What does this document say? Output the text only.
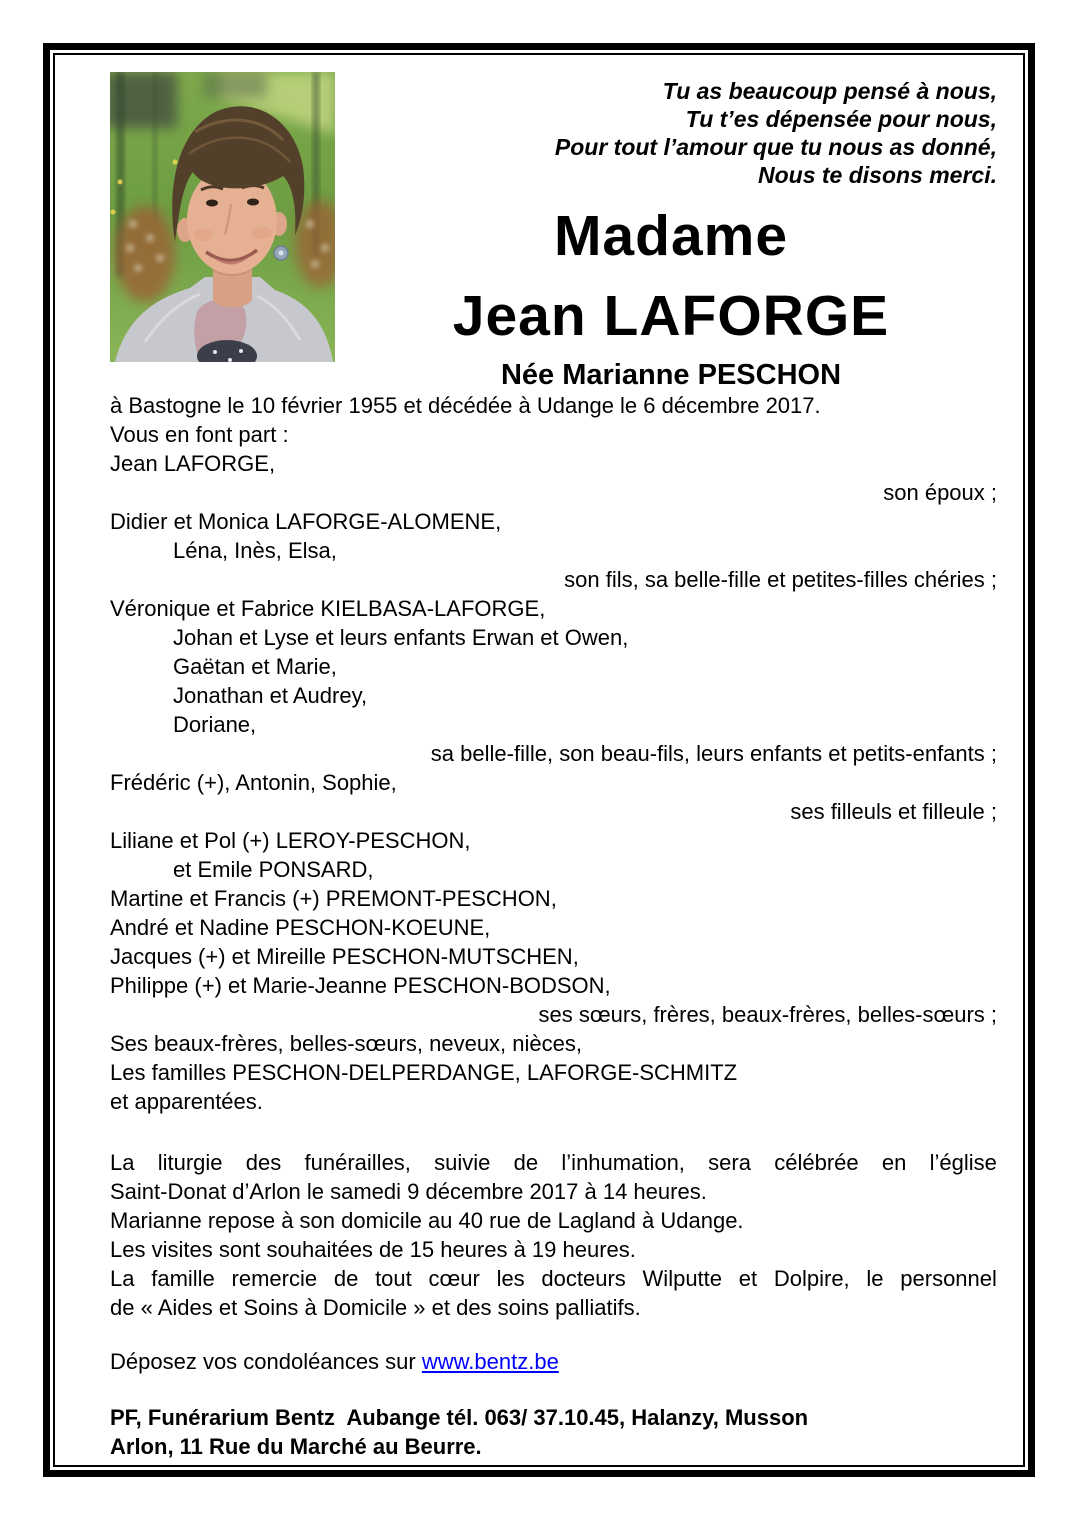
Tu as beaucoup pensé à nous,
Tu t’es dépensée pour nous,
Pour tout l’amour que tu nous as donné,
Nous te disons merci.
Madame
Jean LAFORGE
Née Marianne PESCHON
à Bastogne le 10 février 1955 et décédée à Udange le 6 décembre 2017.
Vous en font part :
Jean LAFORGE,
son époux ;
Didier et Monica LAFORGE-ALOMENE,
Léna, Inès, Elsa,
son fils, sa belle-fille et petites-filles chéries ;
Véronique et Fabrice KIELBASA-LAFORGE,
Johan et Lyse et leurs enfants Erwan et Owen,
Gaëtan et Marie,
Jonathan et Audrey,
Doriane,
sa belle-fille, son beau-fils, leurs enfants et petits-enfants ;
Frédéric (+), Antonin, Sophie,
ses filleuls et filleule ;
Liliane et Pol (+) LEROY-PESCHON,
et Emile PONSARD,
Martine et Francis (+) PREMONT-PESCHON,
André et Nadine PESCHON-KOEUNE,
Jacques (+) et Mireille PESCHON-MUTSCHEN,
Philippe (+) et Marie-Jeanne PESCHON-BODSON,
ses sœurs, frères, beaux-frères, belles-sœurs ;
Ses beaux-frères, belles-sœurs, neveux, nièces,
Les familles PESCHON-DELPERDANGE, LAFORGE-SCHMITZ
et apparentées.
La liturgie des funérailles, suivie de l’inhumation, sera célébrée en l’église
Saint-Donat d’Arlon le samedi 9 décembre 2017 à 14 heures.
Marianne repose à son domicile au 40 rue de Lagland à Udange.
Les visites sont souhaitées de 15 heures à 19 heures.
La famille remercie de tout cœur les docteurs Wilputte et Dolpire, le personnel
de « Aides et Soins à Domicile » et des soins palliatifs.
Déposez vos condoléances sur www.bentz.be
PF, Funérarium Bentz  Aubange tél. 063/ 37.10.45, Halanzy, Musson
Arlon, 11 Rue du Marché au Beurre.
